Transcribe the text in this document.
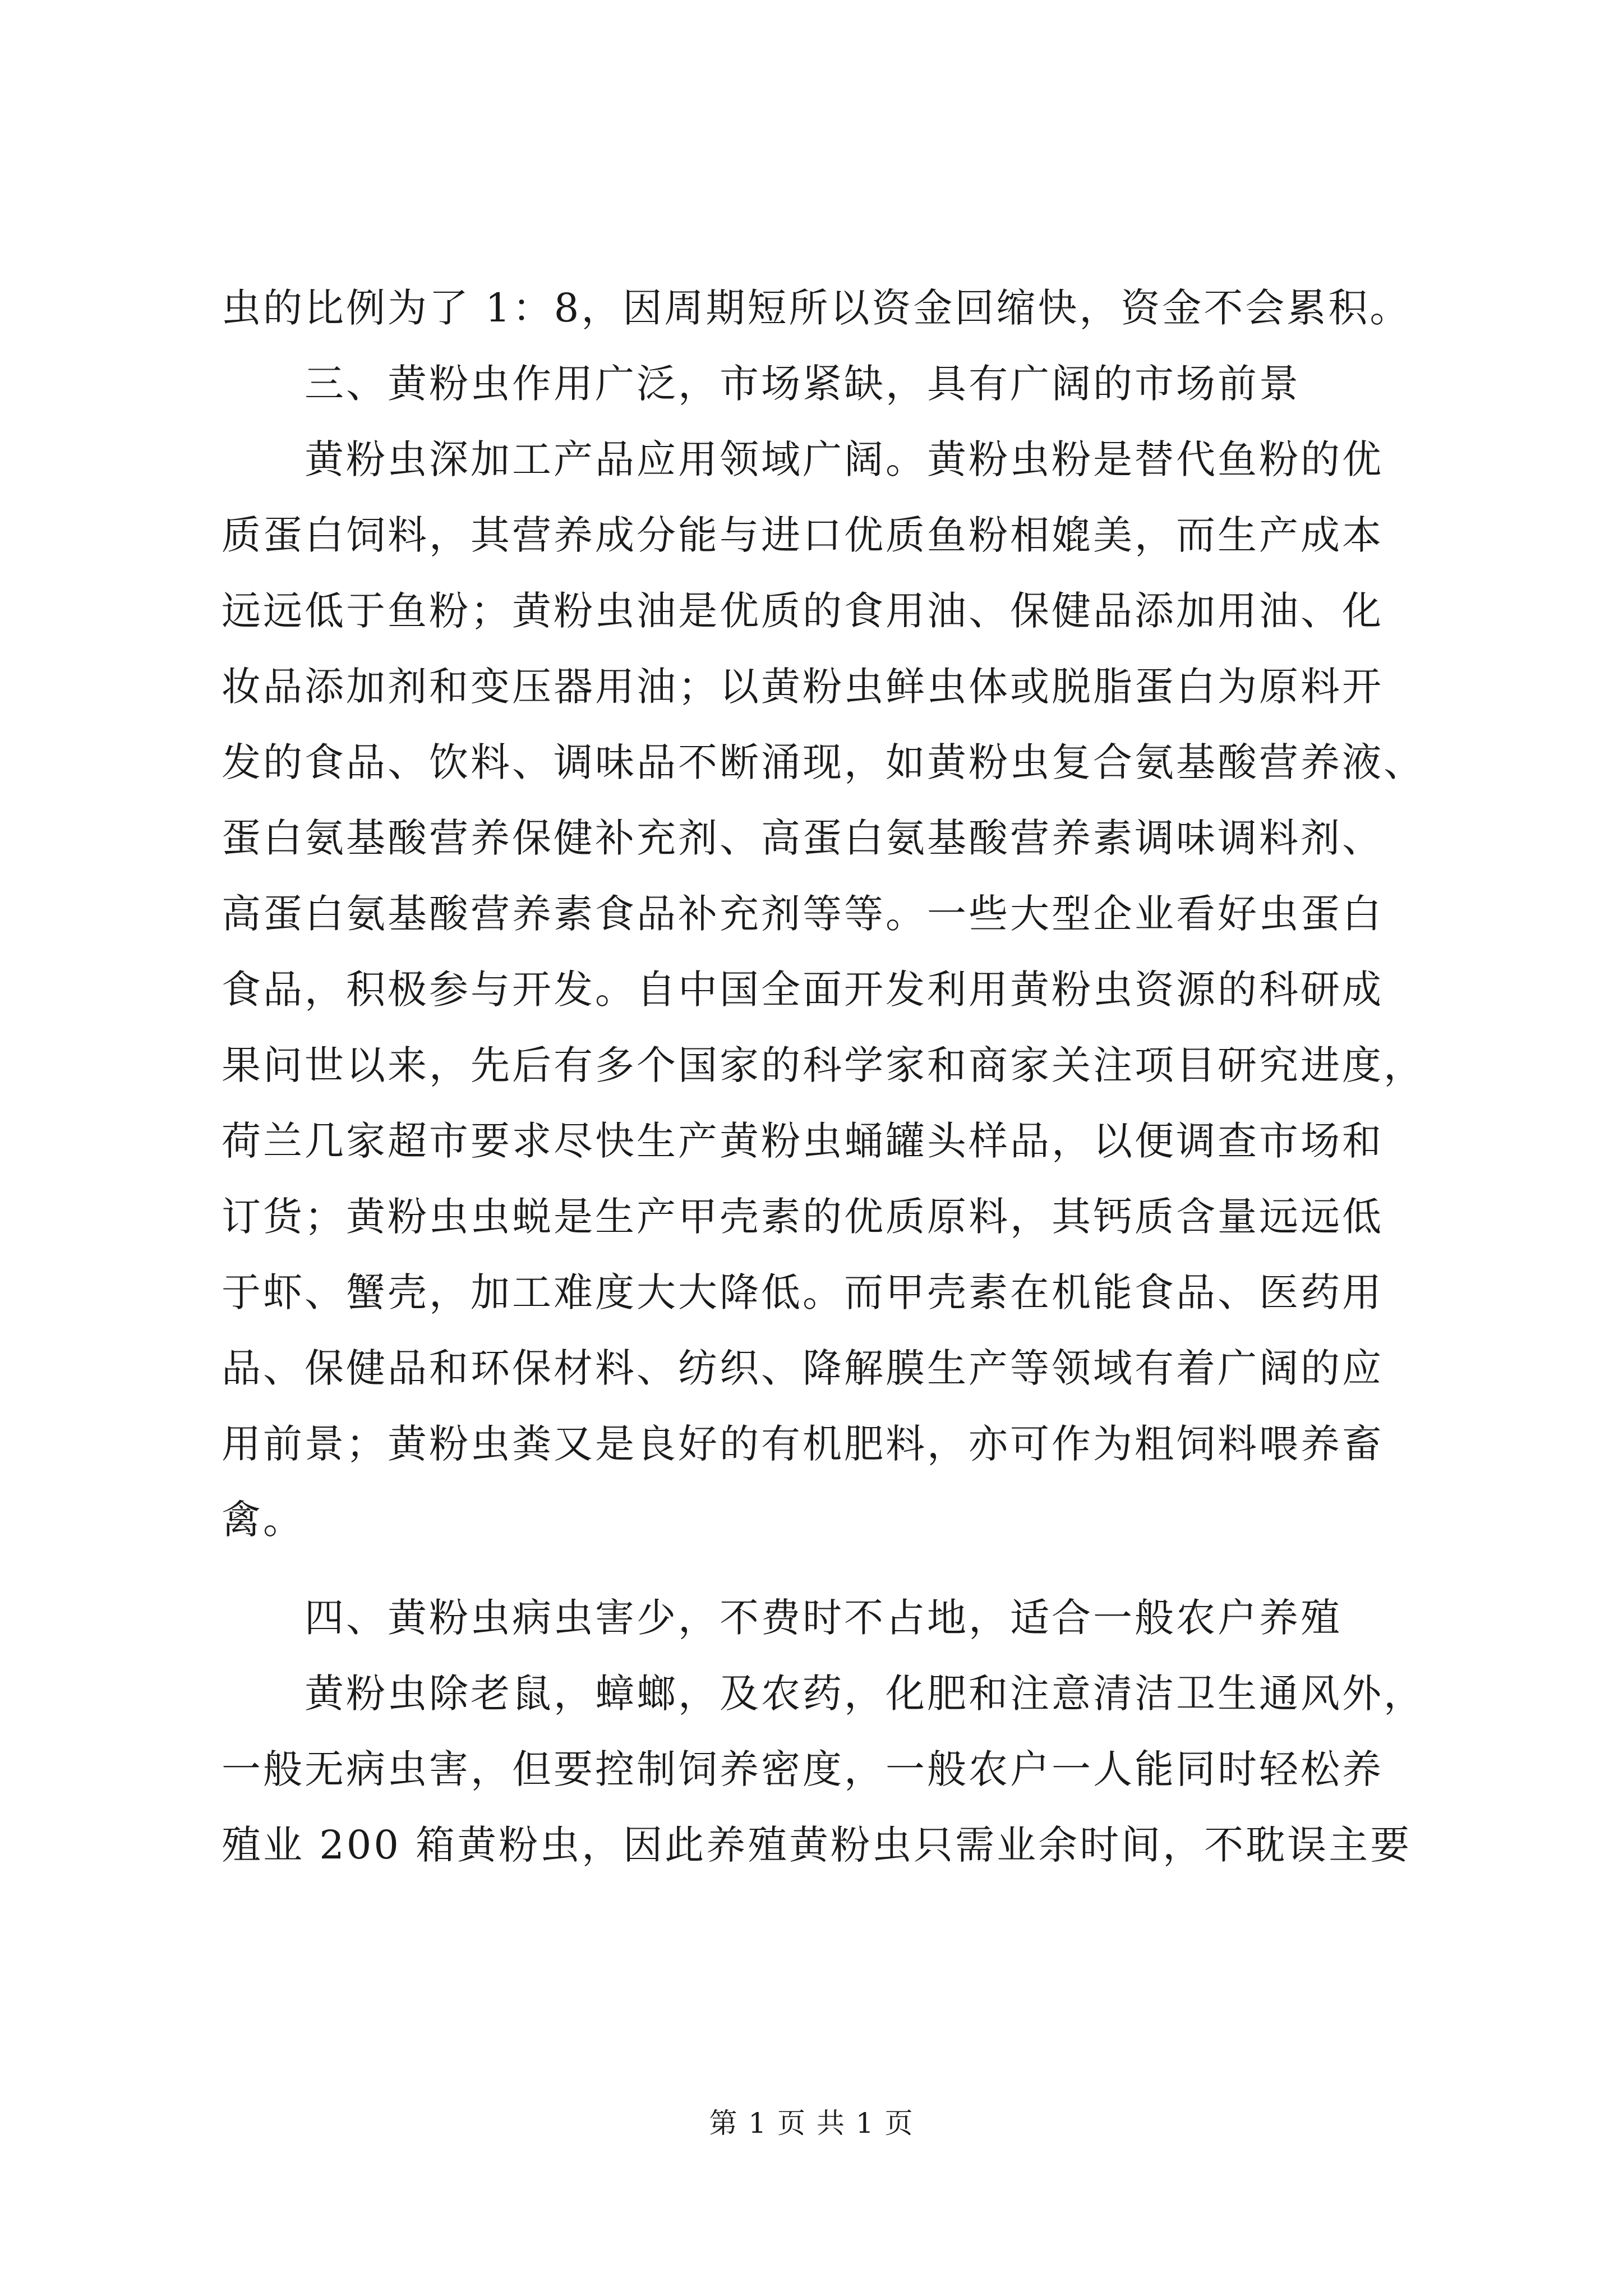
虫的比例为了 1：8，因周期短所以资金回缩快，资金不会累积。
三、黄粉虫作用广泛，市场紧缺，具有广阔的市场前景
黄粉虫深加工产品应用领域广阔。黄粉虫粉是替代鱼粉的优
质蛋白饲料，其营养成分能与进口优质鱼粉相媲美，而生产成本
远远低于鱼粉；黄粉虫油是优质的食用油、保健品添加用油、化
妆品添加剂和变压器用油；以黄粉虫鲜虫体或脱脂蛋白为原料开
发的食品、饮料、调味品不断涌现，如黄粉虫复合氨基酸营养液、
蛋白氨基酸营养保健补充剂、高蛋白氨基酸营养素调味调料剂、
高蛋白氨基酸营养素食品补充剂等等。一些大型企业看好虫蛋白
食品，积极参与开发。自中国全面开发利用黄粉虫资源的科研成
果问世以来，先后有多个国家的科学家和商家关注项目研究进度，
荷兰几家超市要求尽快生产黄粉虫蛹罐头样品，以便调查市场和
订货；黄粉虫虫蜕是生产甲壳素的优质原料，其钙质含量远远低
于虾、蟹壳，加工难度大大降低。而甲壳素在机能食品、医药用
品、保健品和环保材料、纺织、降解膜生产等领域有着广阔的应
用前景；黄粉虫粪又是良好的有机肥料，亦可作为粗饲料喂养畜
禽。
四、黄粉虫病虫害少，不费时不占地，适合一般农户养殖
黄粉虫除老鼠，蟑螂，及农药，化肥和注意清洁卫生通风外，
一般无病虫害，但要控制饲养密度，一般农户一人能同时轻松养
殖业 200 箱黄粉虫，因此养殖黄粉虫只需业余时间，不耽误主要
第 1 页 共 1 页
